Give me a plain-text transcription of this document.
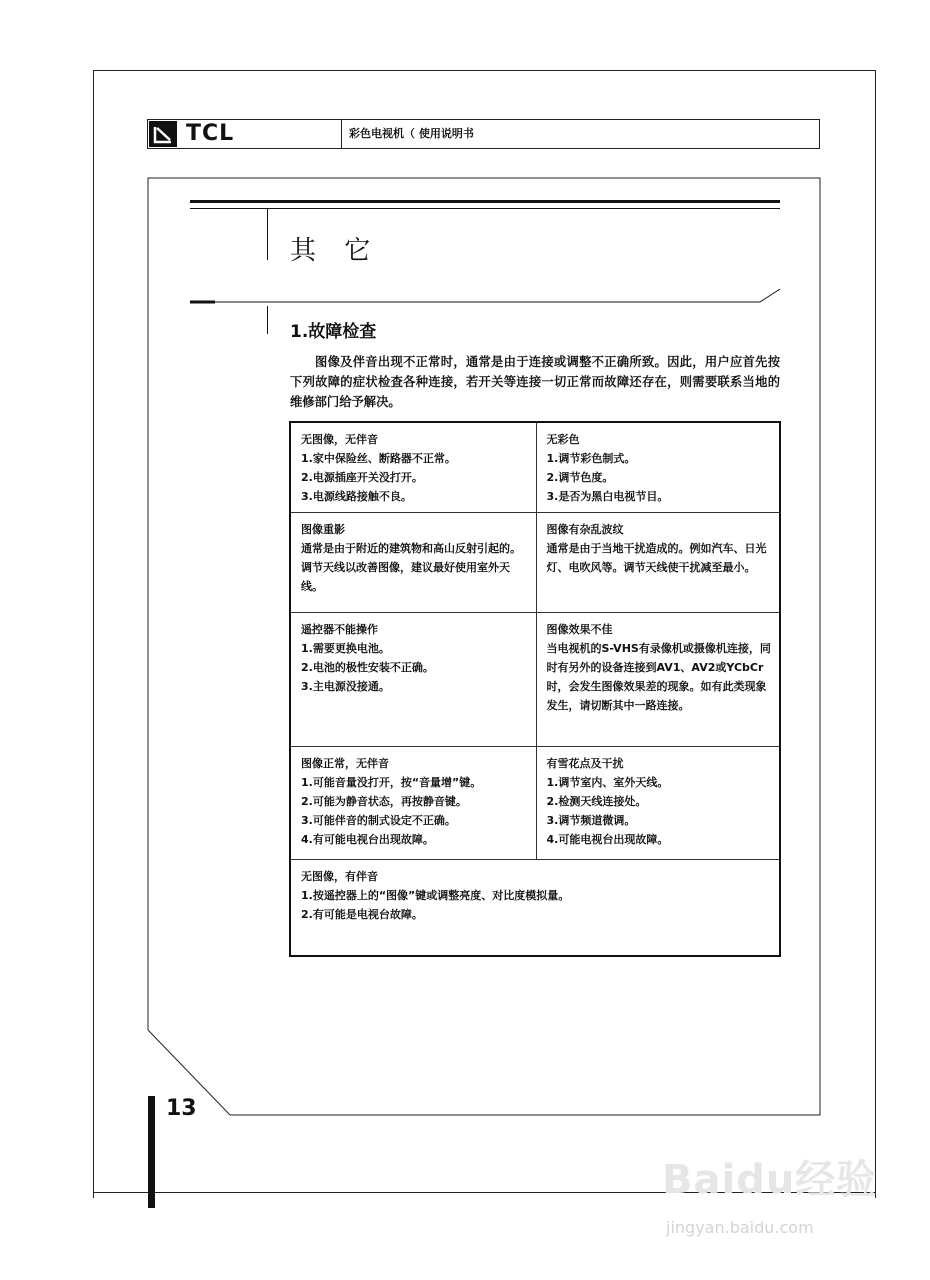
TCL	彩色电视机（ 使用说明书
其 它
1.故障检查
图像及伴音出现不正常时，通常是由于连接或调整不正确所致。因此，用户应首先按下列故障的症状检查各种连接，若开关等连接一切正常而故障还存在，则需要联系当地的维修部门给予解决。
无图像，无伴音
1.家中保险丝、断路器不正常。
2.电源插座开关没打开。
3.电源线路接触不良。	无彩色
1.调节彩色制式。
2.调节色度。
3.是否为黑白电视节目。

图像重影
通常是由于附近的建筑物和高山反射引起的。调节天线以改善图像，建议最好使用室外天线。	图像有杂乱波纹
通常是由于当地干扰造成的。例如汽车、日光灯、电吹风等。调节天线使干扰减至最小。

遥控器不能操作
1.需要更换电池。
2.电池的极性安装不正确。
3.主电源没接通。	图像效果不佳
当电视机的S-VHS有录像机或摄像机连接，同时有另外的设备连接到AV1、AV2或YCbCr时，会发生图像效果差的现象。如有此类现象发生，请切断其中一路连接。

图像正常，无伴音
1.可能音量没打开，按“音量增”键。
2.可能为静音状态，再按静音键。
3.可能伴音的制式设定不正确。
4.有可能电视台出现故障。	有雪花点及干扰
1.调节室内、室外天线。
2.检测天线连接处。
3.调节频道微调。
4.可能电视台出现故障。

无图像，有伴音
1.按遥控器上的“图像”键或调整亮度、对比度模拟量。
2.有可能是电视台故障。	
13
Baidu经验
jingyan.baidu.com
